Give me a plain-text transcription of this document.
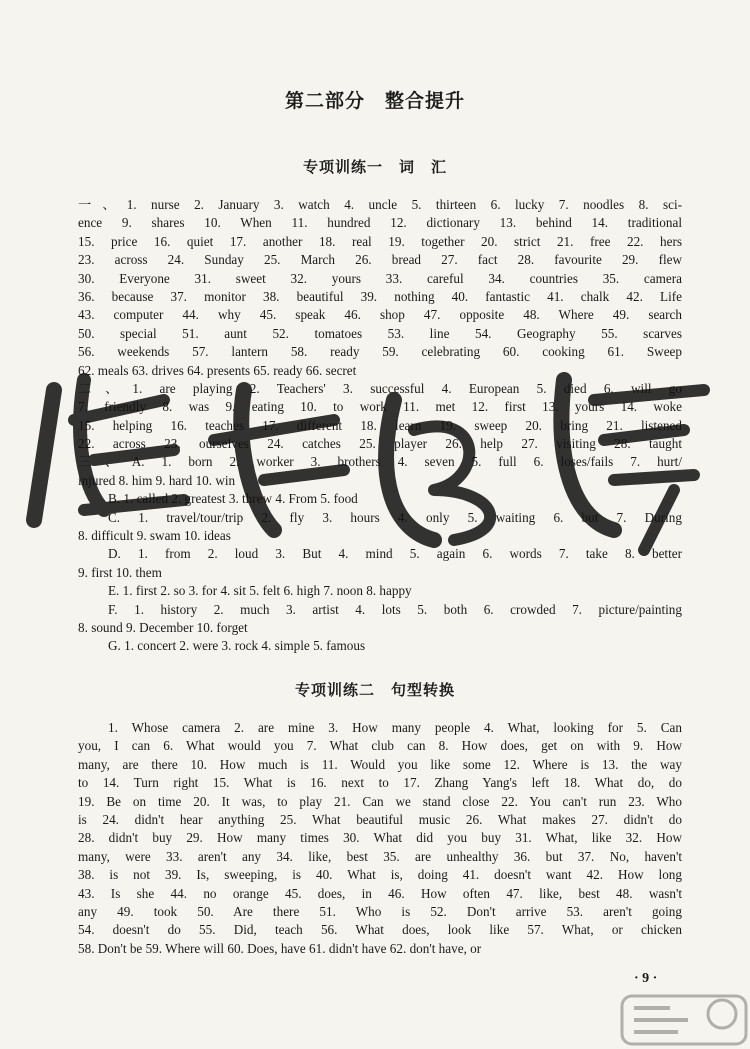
第二部分　整合提升
专项训练一　词　汇
一、1. nurse 2. January 3. watch 4. uncle 5. thirteen 6. lucky 7. noodles 8. sci-
ence 9. shares 10. When 11. hundred 12. dictionary 13. behind 14. traditional
15. price 16. quiet 17. another 18. real 19. together 20. strict 21. free 22. hers
23. across 24. Sunday 25. March 26. bread 27. fact 28. favourite 29. flew
30. Everyone 31. sweet 32. yours 33. careful 34. countries 35. camera
36. because 37. monitor 38. beautiful 39. nothing 40. fantastic 41. chalk 42. Life
43. computer 44. why 45. speak 46. shop 47. opposite 48. Where 49. search
50. special 51. aunt 52. tomatoes 53. line 54. Geography 55. scarves
56. weekends 57. lantern 58. ready 59. celebrating 60. cooking 61. Sweep
62. meals 63. drives 64. presents 65. ready 66. secret
二、1. are playing 2. Teachers' 3. successful 4. European 5. died 6. will go
7. friendly 8. was 9. eating 10. to work 11. met 12. first 13. yours 14. woke
15. helping 16. teaches 17. different 18. learn 19. sweep 20. bring 21. listened
22. across 23. ourselves 24. catches 25. player 26. help 27. visiting 28. taught
三、A. 1. born 2. worker 3. brothers 4. seven 5. full 6. loses/fails 7. hurt/
injured 8. him 9. hard 10. win
B. 1. called 2. greatest 3. threw 4. From 5. food
C. 1. travel/tour/trip 2. fly 3. hours 4. only 5. waiting 6. but 7. During
8. difficult 9. swam 10. ideas
D. 1. from 2. loud 3. But 4. mind 5. again 6. words 7. take 8. better
9. first 10. them
E. 1. first 2. so 3. for 4. sit 5. felt 6. high 7. noon 8. happy
F. 1. history 2. much 3. artist 4. lots 5. both 6. crowded 7. picture/painting
8. sound 9. December 10. forget
G. 1. concert 2. were 3. rock 4. simple 5. famous
专项训练二　句型转换
1. Whose camera 2. are mine 3. How many people 4. What, looking for 5. Can
you, I can 6. What would you 7. What club can 8. How does, get on with 9. How
many, are there 10. How much is 11. Would you like some 12. Where is 13. the way
to 14. Turn right 15. What is 16. next to 17. Zhang Yang's left 18. What do, do
19. Be on time 20. It was, to play 21. Can we stand close 22. You can't run 23. Who
is 24. didn't hear anything 25. What beautiful music 26. What makes 27. didn't do
28. didn't buy 29. How many times 30. What did you buy 31. What, like 32. How
many, were 33. aren't any 34. like, best 35. are unhealthy 36. but 37. No, haven't
38. is not 39. Is, sweeping, is 40. What is, doing 41. doesn't want 42. How long
43. Is she 44. no orange 45. does, in 46. How often 47. like, best 48. wasn't
any 49. took 50. Are there 51. Who is 52. Don't arrive 53. aren't going
54. doesn't do 55. Did, teach 56. What does, look like 57. What, or chicken
58. Don't be 59. Where will 60. Does, have 61. didn't have 62. don't have, or
· 9 ·
